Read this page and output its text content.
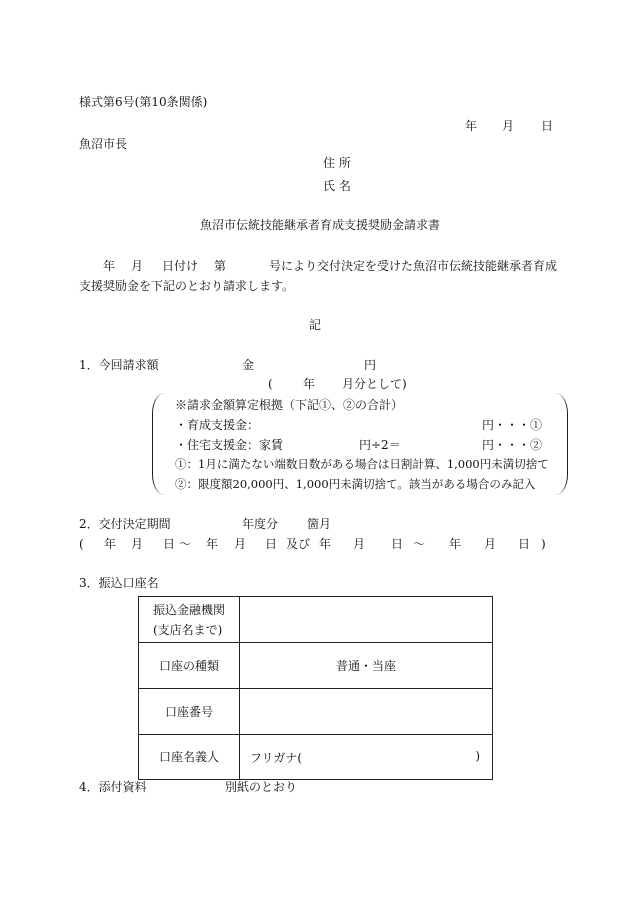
様式第6号(第10条関係)
年 月 日
魚沼市長
住 所
氏 名
魚沼市伝統技能継承者育成支援奨励金請求書
年 月 日付け 第	号により交付決定を受けた魚沼市伝統技能継承者育成
支援奨励金を下記のとおり請求します。
記
1．今回請求額	金	円
(	年 月分として)
※請求金額算定根拠（下記①、②の合計）
・育成支援金：	円・・・①
・住宅支援金：家賃	円÷2＝	円・・・②
①：1月に満たない端数日数がある場合は日割計算、1,000円未満切捨て
②：限度額20,000円、1,000円未満切捨て。該当がある場合のみ記入
2．交付決定期間	年度分 箇月
( 年 月 日 ～ 年 月 日 及び 年 月 日 ～ 年 月 日 )
3．振込口座名
振込金融機関
(支店名まで)	
口座の種類	普通・当座
口座番号	
口座名義人	フリガナ( )
4．添付資料	別紙のとおり
